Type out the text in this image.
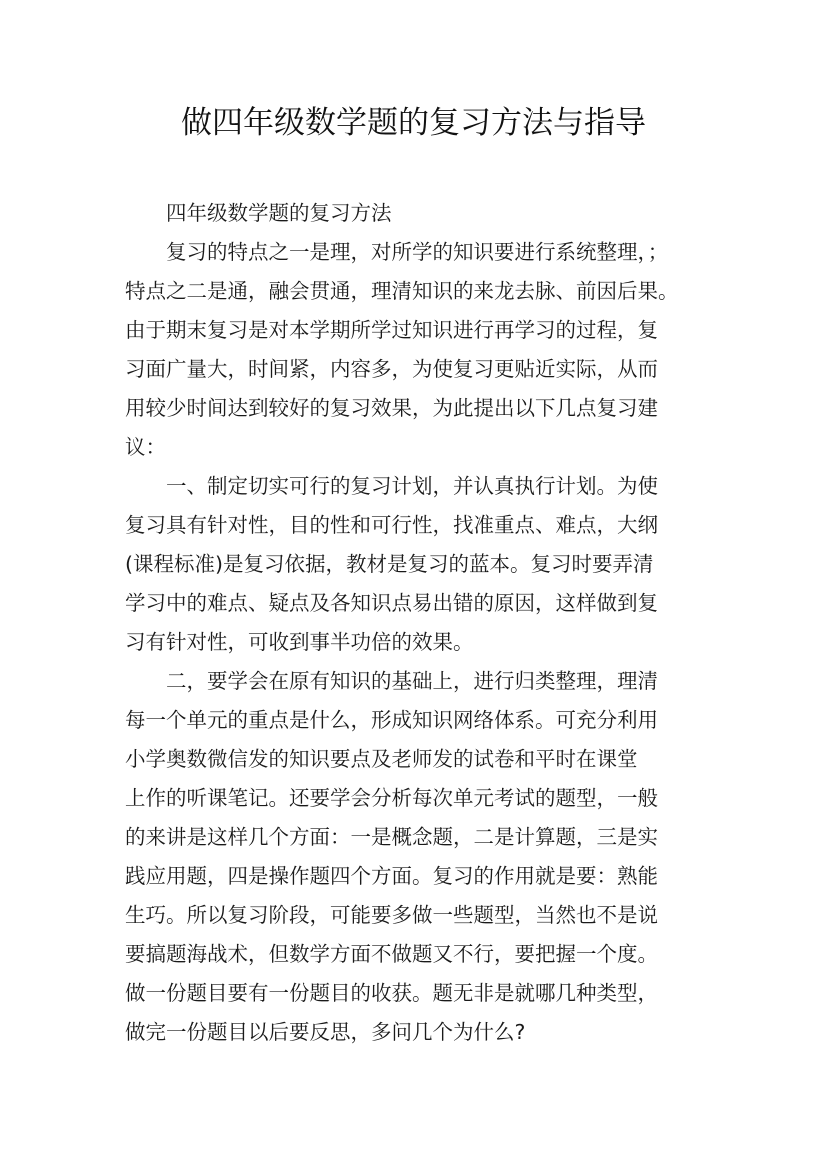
做四年级数学题的复习方法与指导
四年级数学题的复习方法
复习的特点之一是理，对所学的知识要进行系统整理，；
特点之二是通，融会贯通，理清知识的来龙去脉、前因后果。
由于期末复习是对本学期所学过知识进行再学习的过程，复
习面广量大，时间紧，内容多，为使复习更贴近实际，从而
用较少时间达到较好的复习效果，为此提出以下几点复习建
议：
一、制定切实可行的复习计划，并认真执行计划。为使
复习具有针对性，目的性和可行性，找准重点、难点，大纲
(课程标准)是复习依据，教材是复习的蓝本。复习时要弄清
学习中的难点、疑点及各知识点易出错的原因，这样做到复
习有针对性，可收到事半功倍的效果。
二，要学会在原有知识的基础上，进行归类整理，理清
每一个单元的重点是什么，形成知识网络体系。可充分利用
小学奥数微信发的知识要点及老师发的试卷和平时在课堂
上作的听课笔记。还要学会分析每次单元考试的题型，一般
的来讲是这样几个方面：一是概念题，二是计算题，三是实
践应用题，四是操作题四个方面。复习的作用就是要：熟能
生巧。所以复习阶段，可能要多做一些题型，当然也不是说
要搞题海战术，但数学方面不做题又不行，要把握一个度。
做一份题目要有一份题目的收获。题无非是就哪几种类型，
做完一份题目以后要反思，多问几个为什么?
